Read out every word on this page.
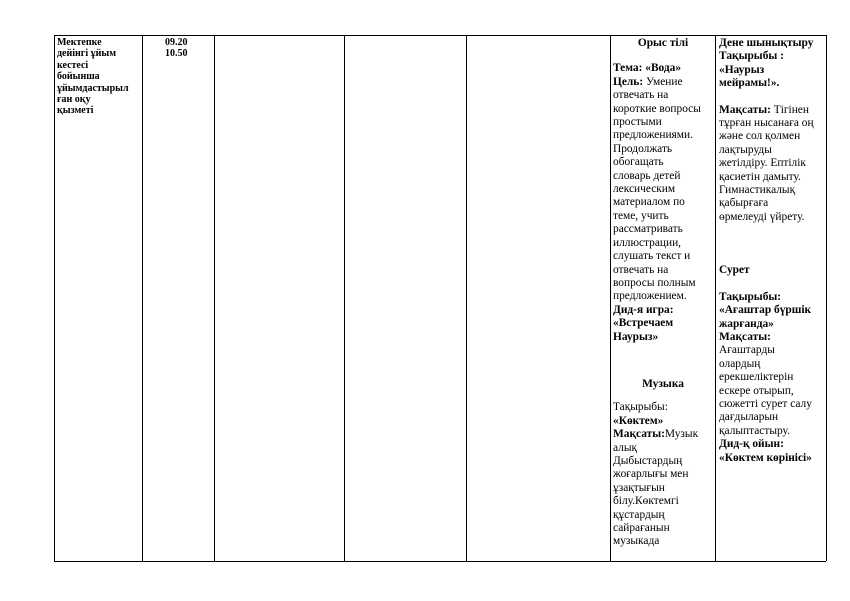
Мектепке
дейінгі ұйым
кестесі
бойынша
ұйымдастырыл
ған оқу
қызметі
09.20
10.50
Орыс тілі
Тема: «Вода»
Цель: Умение
отвечать на
короткие вопросы
простыми
предложениями.
Продолжать
обогащать
словарь детей
лексическим
материалом по
теме, учить
рассматривать
иллюстрации,
слушать текст и
отвечать на
вопросы полным
предложением.
Дид-я игра:
«Встречаем
Наурыз»
Музыка
Тақырыбы:
«Көктем»
Мақсаты:Музык
алық
Дыбыстардың
жоғарлығы мен
ұзақтығын
білу.Көктемгі
құстардың
сайрағанын
музыкада
Дене шынықтыру
Тақырыбы :
«Наурыз
мейрамы!».
Мақсаты: Тігінен
тұрған нысанаға оң
және сол қолмен
лақтыруды
жетілдіру. Ептілік
қасиетін дамыту.
Гимнастикалық
қабырғаға
өрмелеуді үйрету.
Сурет
Тақырыбы:
«Ағаштар бүршік
жарғанда»
Мақсаты:
Ағаштарды
олардың
ерекшеліктерін
ескере отырып,
сюжетті сурет салу
дағдыларын
қалыптастыру.
Дид-қ ойын:
«Көктем көрінісі»
